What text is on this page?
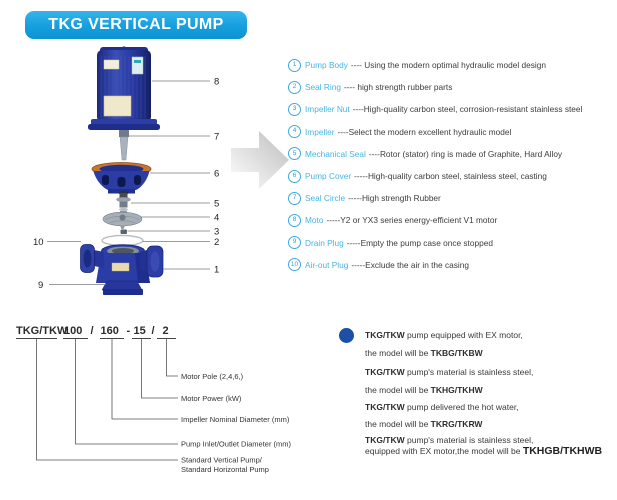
TKG VERTICAL PUMP
8
7
6
5
4
3
2
1
10
9
1	Pump Body ---- Using the modern optimal hydraulic model design
2	Seal Ring ---- high strength rubber parts
3	Impeller Nut ----High-quality carbon steel, corrosion-resistant stainless steel
4	Impeller ----Select the modern excellent hydraulic model
5	Mechanical Seal ----Rotor (stator) ring is made of Graphite, Hard Alloy
6	Pump Cover -----High-quality carbon steel, stainless steel, casting
7	Seal Circle -----High strength Rubber
8	Moto -----Y2 or YX3 series energy-efficient V1 motor
9	Drain Plug -----Empty the pump case once stopped
10 Air-out Plug -----Exclude the air in the casing
TKG/TKW
100 / 160 - 15 / 2
Motor Pole (2,4,6,)
Motor Power (kW)
Impeller Nominal Diameter (mm)
Pump Inlet/Outlet Diameter (mm)
Standard Vertical Pump/
Standard Horizontal Pump
TKG/TKW pump equipped with EX motor,
the model will be TKBG/TKBW
TKG/TKW pump's material is stainless steel,
the model will be TKHG/TKHW
TKG/TKW pump delivered the hot water,
the model will be TKRG/TKRW
TKG/TKW pump's material is stainless steel,
equipped with EX motor,the model will be TKHGB/TKHWB
